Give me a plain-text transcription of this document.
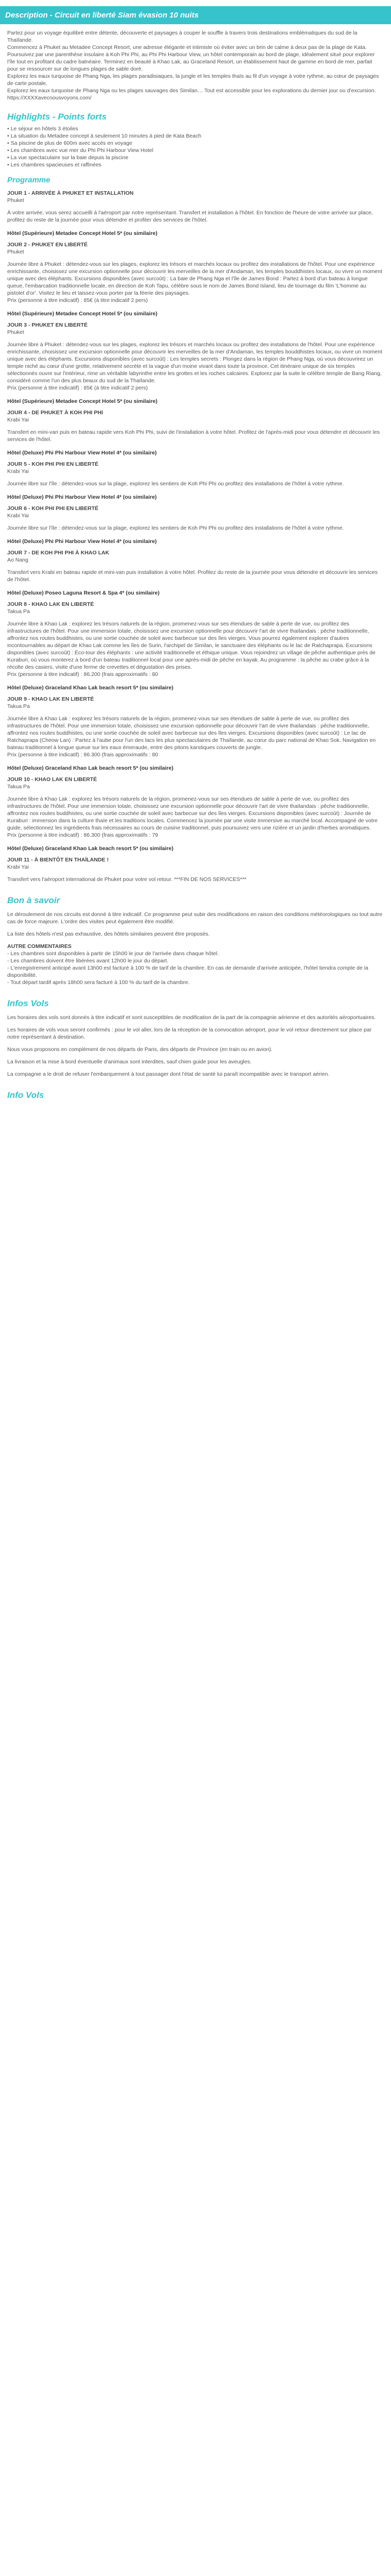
Description - Circuit en liberté Siam évasion 10 nuits

Partez pour un voyage équilibré entre détente, découverte et paysages à couper le souffle à travers trois destinations emblématiques du sud de la Thaïlande.

Commencez à Phuket au Metadee Concept Resort, une adresse élégante et intimiste où éviter avec un brin de calme à deux pas de la plage de Kata. Poursuivez par une parenthèse insulaire à Koh Phi Phi, au Phi Phi Harbour View, un hôtel contemporain au bord de plage, idéalement situé pour explorer l'île tout en profitant du cadre balnéaire. Terminez en beauté à Khao Lak, au Graceland Resort, un établissement haut de gamme en bord de mer, parfait pour se ressourcer sur de longues plages de sable doré.

Explorez les eaux turquoise de Phang Nga, les plages paradisiaques, la jungle et les temples thaïs au fil d'un voyage à votre rythme, au cœur de paysages de carte postale.

Explorez les eaux turquoise de Phang Nga ou les plages sauvages des Similan… Tout est accessible pour les explorations du dernier jour ou d'excursion.

https://XXXXavecnousvoyons.com/

Highlights - Points forts
• Le séjour en hôtels 3 étoiles
• La situation du Metadee concept à seulement 10 minutes à pied de Kata Beach
• Sa piscine de plus de 600m avec accès en voyage
• Les chambres avec vue mer du Phi Phi Harbour View Hotel
• La vue spectaculaire sur la baie depuis la piscine
• Les chambres spacieuses et raffinées
Programme
JOUR 1 - ARRIVÉE À PHUKET ET INSTALLATION
Phuket

À votre arrivée, vous serez accueilli à l'aéroport par notre représentant. Transfert et installation à l'hôtel. En fonction de l'heure de votre arrivée sur place, profitez du reste de la journée pour vous détendre et profiter des services de l'hôtel.

Hôtel (Supérieure) Metadee Concept Hotel 5* (ou similaire)

JOUR 2 - PHUKET EN LIBERTÉ
Phuket

Journée libre à Phuket : détendez-vous sur les plages, explorez les trésors et marchés locaux ou profitez des installations de l'hôtel. Pour une expérience enrichissante, choisissez une excursion optionnelle pour découvrir les merveilles de la mer d'Andaman, les temples bouddhistes locaux, ou vivre un moment unique avec des éléphants. Excursions disponibles (avec surcoût) : La baie de Phang Nga et l'île de James Bond : Partez à bord d'un bateau à longue queue, l'embarcation traditionnelle locale, en direction de Koh Tapu, célèbre sous le nom de James Bond Island, lieu de tournage du film 'L'homme au pistolet d'or'. Visitez le lieu et laissez-vous porter par la féerie des paysages.

Prix (personne à titre indicatif) : 85€ (à titre indicatif 2 pers)

Hôtel (Supérieure) Metadee Concept Hotel 5* (ou similaire)

JOUR 3 - PHUKET EN LIBERTÉ
Phuket

Journée libre à Phuket : détendez-vous sur les plages, explorez les trésors et marchés locaux ou profitez des installations de l'hôtel. Pour une expérience enrichissante, choisissez une excursion optionnelle pour découvrir les merveilles de la mer d'Andaman, les temples bouddhistes locaux, ou vivre un moment unique avec des éléphants. Excursions disponibles (avec surcoût) : Les temples secrets : Plongez dans la région de Phang Nga, où vous découvrirez un temple niché au cœur d'une grotte, relativement secrète et la vague d'un moine vivant dans toute la province. Cet itinéraire unique de six temples sélectionnés ouvre sur l'intérieur, rime un véritable labyrinthe entre les grottes et les roches calcaires. Explorez par la suite le célèbre temple de Bang Riang, considéré comme l'un des plus beaux du sud de la Thaïlande.

Prix (personne à titre indicatif) : 85€ (à titre indicatif 2 pers)

Hôtel (Supérieure) Metadee Concept Hotel 5* (ou similaire)

JOUR 4 - DE PHUKET À KOH PHI PHI
Krabi Yai

Transfert en mini-van puis en bateau rapide vers Koh Phi Phi, suivi de l'installation à votre hôtel. Profitez de l'après-midi pour vous détendre et découvrir les services de l'hôtel.

Hôtel (Deluxe) Phi Phi Harbour View Hotel 4* (ou similaire)

JOUR 5 - KOH PHI PHI EN LIBERTÉ
Krabi Yai

Journée libre sur l'île : détendez-vous sur la plage, explorez les sentiers de Koh Phi Phi ou profitez des installations de l'hôtel à votre rythme.

Hôtel (Deluxe) Phi Phi Harbour View Hotel 4* (ou similaire)

JOUR 6 - KOH PHI PHI EN LIBERTÉ
Krabi Yai

Journée libre sur l'île : détendez-vous sur la plage, explorez les sentiers de Koh Phi Phi ou profitez des installations de l'hôtel à votre rythme.

Hôtel (Deluxe) Phi Phi Harbour View Hotel 4* (ou similaire)

JOUR 7 - DE KOH PHI PHI À KHAO LAK
Ao Nang

Transfert vers Krabi en bateau rapide et mini-van puis installation à votre hôtel. Profitez du reste de la journée pour vous détendre et découvrir les services de l'hôtel.

Hôtel (Deluxe) Poseo Laguna Resort & Spa 4* (ou similaire)

JOUR 8 - KHAO LAK EN LIBERTÉ
Takua Pa

Journée libre à Khao Lak : explorez les trésors naturels de la région, promenez-vous sur ses étendues de sable à perte de vue, ou profitez des infrastructures de l'hôtel. Pour une immersion totale, choisissez une excursion optionnelle pour découvrir l'art de vivre thaïlandais : pêche traditionnelle, affrontez nos routes buddhistes, ou une sortie couchée de soleil avec barbecue sur des îles vierges. Vous pourrez également explorer d'autres incontournables au départ de Khao Lak comme les îles de Surin, l'archipel de Similan, le sanctuaire des éléphants ou le lac de Ratchaprapa. Excursions disponibles (avec surcoût) : Éco-tour des éléphants : une activité traditionnelle et éthique unique. Vous rejoindrez un village de pêche authentique près de Kuraburi, où vous monterez à bord d'un bateau traditionnel local pour une après-midi de pêche en kayak. Au programme : la pêche au crabe grâce à la récolte des casiers, visite d'une ferme de crevettes et dégustation des prises.

Prix (personne à titre indicatif) : 86.200 (frais approximatifs : 80

Hôtel (Deluxe) Graceland Khao Lak beach resort 5* (ou similaire)

JOUR 9 - KHAO LAK EN LIBERTÉ
Takua Pa

Journée libre à Khao Lak : explorez les trésors naturels de la région, promenez-vous sur ses étendues de sable à perte de vue, ou profitez des infrastructures de l'hôtel. Pour une immersion totale, choisissez une excursion optionnelle pour découvrir l'art de vivre thaïlandais : pêche traditionnelle, affrontez nos routes buddhistes, ou une sortie couchée de soleil avec barbecue sur des îles vierges. Excursions disponibles (avec surcoût) : Le lac de Ratchaprapa (Cheow Lan) : Partez à l'aube pour l'un des lacs les plus spectaculaires de Thaïlande, au cœur du parc national de Khao Sok. Navigation en bateau traditionnel à longue queue sur les eaux émeraude, entre des pitons karstiques couverts de jungle.

Prix (personne à titre indicatif) : 86.300 (frais approximatifs : 80

Hôtel (Deluxe) Graceland Khao Lak beach resort 5* (ou similaire)

JOUR 10 - KHAO LAK EN LIBERTÉ
Takua Pa

Journée libre à Khao Lak : explorez les trésors naturels de la région, promenez-vous sur ses étendues de sable à perte de vue, ou profitez des infrastructures de l'hôtel. Pour une immersion totale, choisissez une excursion optionnelle pour découvrir l'art de vivre thaïlandais : pêche traditionnelle, affrontez nos routes buddhistes, ou une sortie couchée de soleil avec barbecue sur des îles vierges. Excursions disponibles (avec surcoût) : Journée de Kuraburi : immersion dans la culture thaïe et les traditions locales. Commencez la journée par une visite immersive au marché local. Accompagné de votre guide, sélectionnez les ingrédients frais nécessaires au cours de cuisine traditionnel, puis poursuivez vers une rizière et un jardin d'herbes aromatiques.

Prix (personne à titre indicatif) : 86.300 (frais approximatifs : 79

Hôtel (Deluxe) Graceland Khao Lak beach resort 5* (ou similaire)

JOUR 11 - À BIENTÔT EN THAÏLANDE !
Krabi Yai

Transfert vers l'aéroport international de Phuket pour votre vol retour. ***FIN DE NOS SERVICES***

Bon à savoir

Le déroulement de nos circuits est donné à titre indicatif. Ce programme peut subir des modifications en raison des conditions météorologiques ou tout autre cas de force majeure. L'ordre des visites peut également être modifié.

La liste des hôtels n'est pas exhaustive, des hôtels similaires peuvent être proposés.

AUTRE COMMENTAIRES
- Les chambres sont disponibles à partir de 15h00 le jour de l'arrivée dans chaque hôtel.
- Les chambres doivent être libérées avant 12h00 le jour du départ.
- L'enregistrement anticipé avant 13h00 est facturé à 100 % de tarif de la chambre. En cas de demande d'arrivée anticipée, l'hôtel tiendra compte de la disponibilité.
- Tout départ tardif après 18h00 sera facturé à 100 % du tarif de la chambre.
Infos Vols

Les horaires des vols sont donnés à titre indicatif et sont susceptibles de modification de la part de la compagnie aérienne et des autorités aéroportuaires.

Les horaires de vols vous seront confirmés : pour le vol aller, lors de la réception de la convocation aéroport, pour le vol retour directement sur place par notre représentant à destination.

Nous vous proposons en complément de nos départs de Paris, des départs de Province (en train ou en avion).

La livraison et la mise à bord éventuelle d'animaux sont interdites, sauf chien guide pour les aveugles.

La compagnie a le droit de refuser l'embarquement à tout passager dont l'état de santé lui paraît incompatible avec le transport aérien.

Info Vols
